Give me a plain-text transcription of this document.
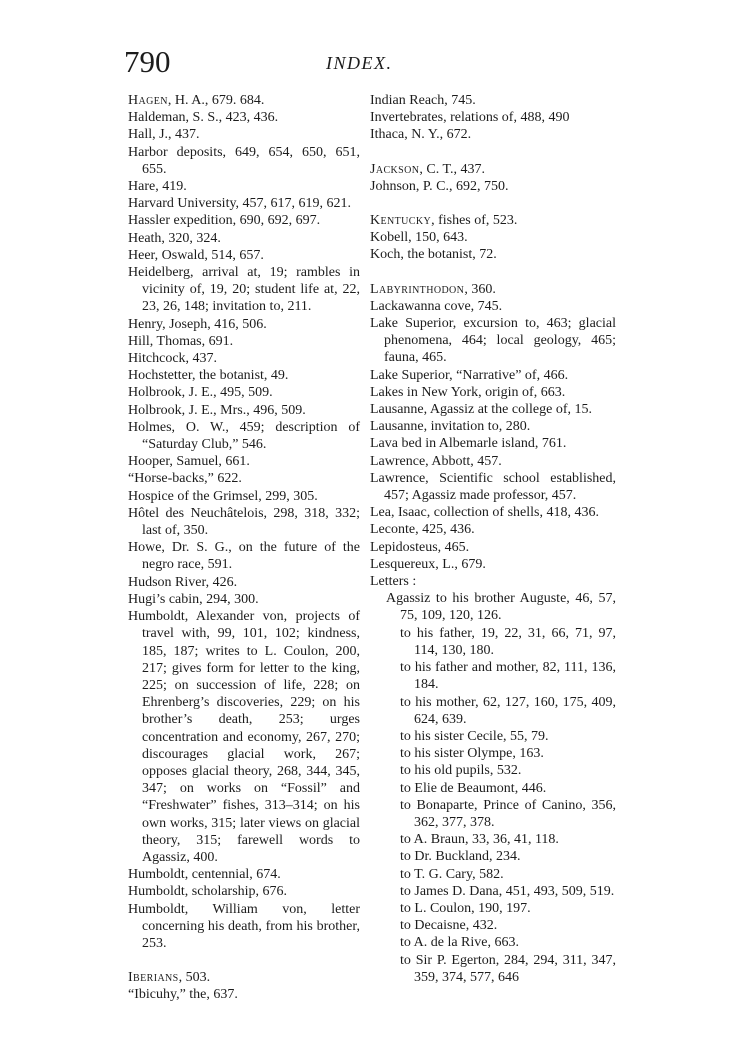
790	INDEX.

Hagen, H. A., 679. 684.

Haldeman, S. S., 423, 436.

Hall, J., 437.

Harbor deposits, 649, 654, 650, 651, 655.

Hare, 419.

Harvard University, 457, 617, 619, 621.

Hassler expedition, 690, 692, 697.

Heath, 320, 324.

Heer, Oswald, 514, 657.

Heidelberg, arrival at, 19; rambles in vicinity of, 19, 20; student life at, 22, 23, 26, 148; invitation to, 211.

Henry, Joseph, 416, 506.

Hill, Thomas, 691.

Hitchcock, 437.

Hochstetter, the botanist, 49.

Holbrook, J. E., 495, 509.

Holbrook, J. E., Mrs., 496, 509.

Holmes, O. W., 459; description of “Saturday Club,” 546.

Hooper, Samuel, 661.

“Horse-backs,” 622.

Hospice of the Grimsel, 299, 305.

Hôtel des Neuchâtelois, 298, 318, 332; last of, 350.

Howe, Dr. S. G., on the future of the negro race, 591.

Hudson River, 426.

Hugi’s cabin, 294, 300.

Humboldt, Alexander von, projects of travel with, 99, 101, 102; kindness, 185, 187; writes to L. Coulon, 200, 217; gives form for letter to the king, 225; on succession of life, 228; on Ehrenberg’s discoveries, 229; on his brother’s death, 253; urges concentration and economy, 267, 270; discourages glacial work, 267; opposes glacial theory, 268, 344, 345, 347; on works on “Fossil” and “Freshwater” fishes, 313–314; on his own works, 315; later views on glacial theory, 315; farewell words to Agassiz, 400.

Humboldt, centennial, 674.

Humboldt, scholarship, 676.

Humboldt, William von, letter concerning his death, from his brother, 253.

Iberians, 503.

“Ibicuhy,” the, 637.

Indian Reach, 745.

Invertebrates, relations of, 488, 490

Ithaca, N. Y., 672.

Jackson, C. T., 437.

Johnson, P. C., 692, 750.

Kentucky, fishes of, 523.

Kobell, 150, 643.

Koch, the botanist, 72.

Labyrinthodon, 360.

Lackawanna cove, 745.

Lake Superior, excursion to, 463; glacial phenomena, 464; local geology, 465; fauna, 465.

Lake Superior, “Narrative” of, 466.

Lakes in New York, origin of, 663.

Lausanne, Agassiz at the college of, 15.

Lausanne, invitation to, 280.

Lava bed in Albemarle island, 761.

Lawrence, Abbott, 457.

Lawrence, Scientific school established, 457; Agassiz made professor, 457.

Lea, Isaac, collection of shells, 418, 436.

Leconte, 425, 436.

Lepidosteus, 465.

Lesquereux, L., 679.

Letters :

Agassiz to his brother Auguste, 46, 57, 75, 109, 120, 126.

to his father, 19, 22, 31, 66, 71, 97, 114, 130, 180.

to his father and mother, 82, 111, 136, 184.

to his mother, 62, 127, 160, 175, 409, 624, 639.

to his sister Cecile, 55, 79.

to his sister Olympe, 163.

to his old pupils, 532.

to Elie de Beaumont, 446.

to Bonaparte, Prince of Canino, 356, 362, 377, 378.

to A. Braun, 33, 36, 41, 118.

to Dr. Buckland, 234.

to T. G. Cary, 582.

to James D. Dana, 451, 493, 509, 519.

to L. Coulon, 190, 197.

to Decaisne, 432.

to A. de la Rive, 663.

to Sir P. Egerton, 284, 294, 311, 347, 359, 374, 577, 646
